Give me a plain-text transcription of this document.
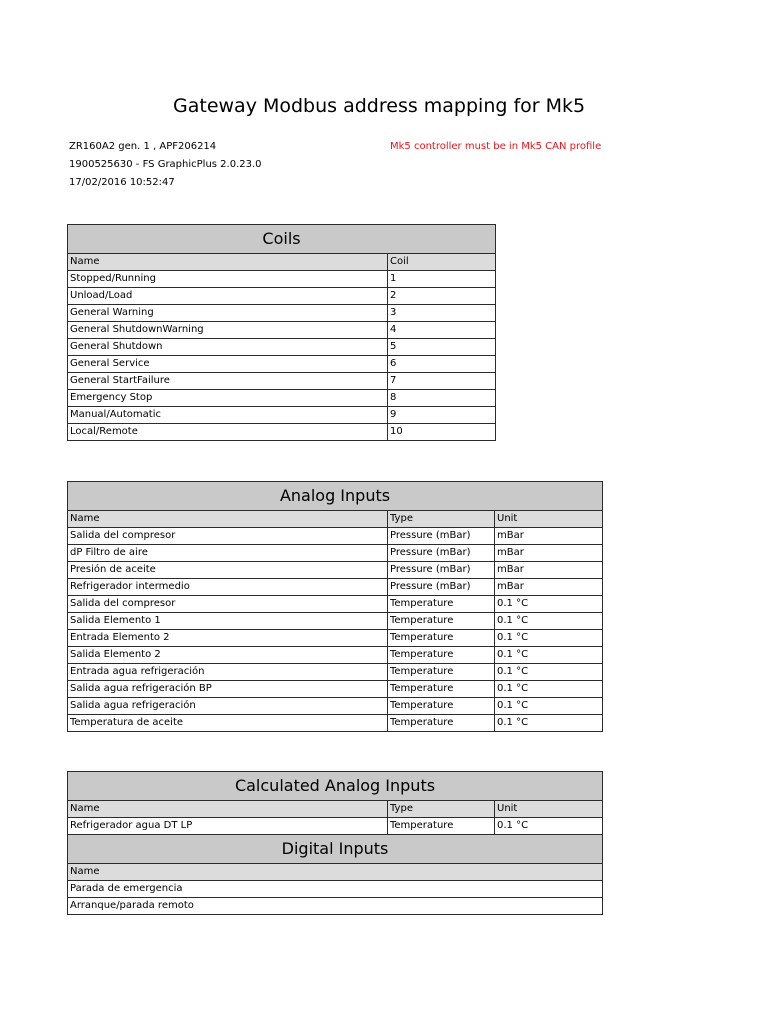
Gateway Modbus address mapping for Mk5
ZR160A2 gen. 1 , APF206214
1900525630 - FS GraphicPlus 2.0.23.0
17/02/2016 10:52:47
Mk5 controller must be in Mk5 CAN profile
Coils	
Name	Coil
Stopped/Running	1
Unload/Load	2
General Warning	3
General ShutdownWarning	4
General Shutdown	5
General Service	6
General StartFailure	7
Emergency Stop	8
Manual/Automatic	9
Local/Remote	10
Analog Inputs		
Name	Type	Unit
Salida del compresor	Pressure (mBar)	mBar
dP Filtro de aire	Pressure (mBar)	mBar
Presión de aceite	Pressure (mBar)	mBar
Refrigerador intermedio	Pressure (mBar)	mBar
Salida del compresor	Temperature	0.1 °C
Salida Elemento 1	Temperature	0.1 °C
Entrada Elemento 2	Temperature	0.1 °C
Salida Elemento 2	Temperature	0.1 °C
Entrada agua refrigeración	Temperature	0.1 °C
Salida agua refrigeración BP	Temperature	0.1 °C
Salida agua refrigeración	Temperature	0.1 °C
Temperatura de aceite	Temperature	0.1 °C
Calculated Analog Inputs		
Name	Type	Unit
Refrigerador agua DT LP	Temperature	0.1 °C
Digital Inputs		
Name		
Parada de emergencia		
Arranque/parada remoto		
